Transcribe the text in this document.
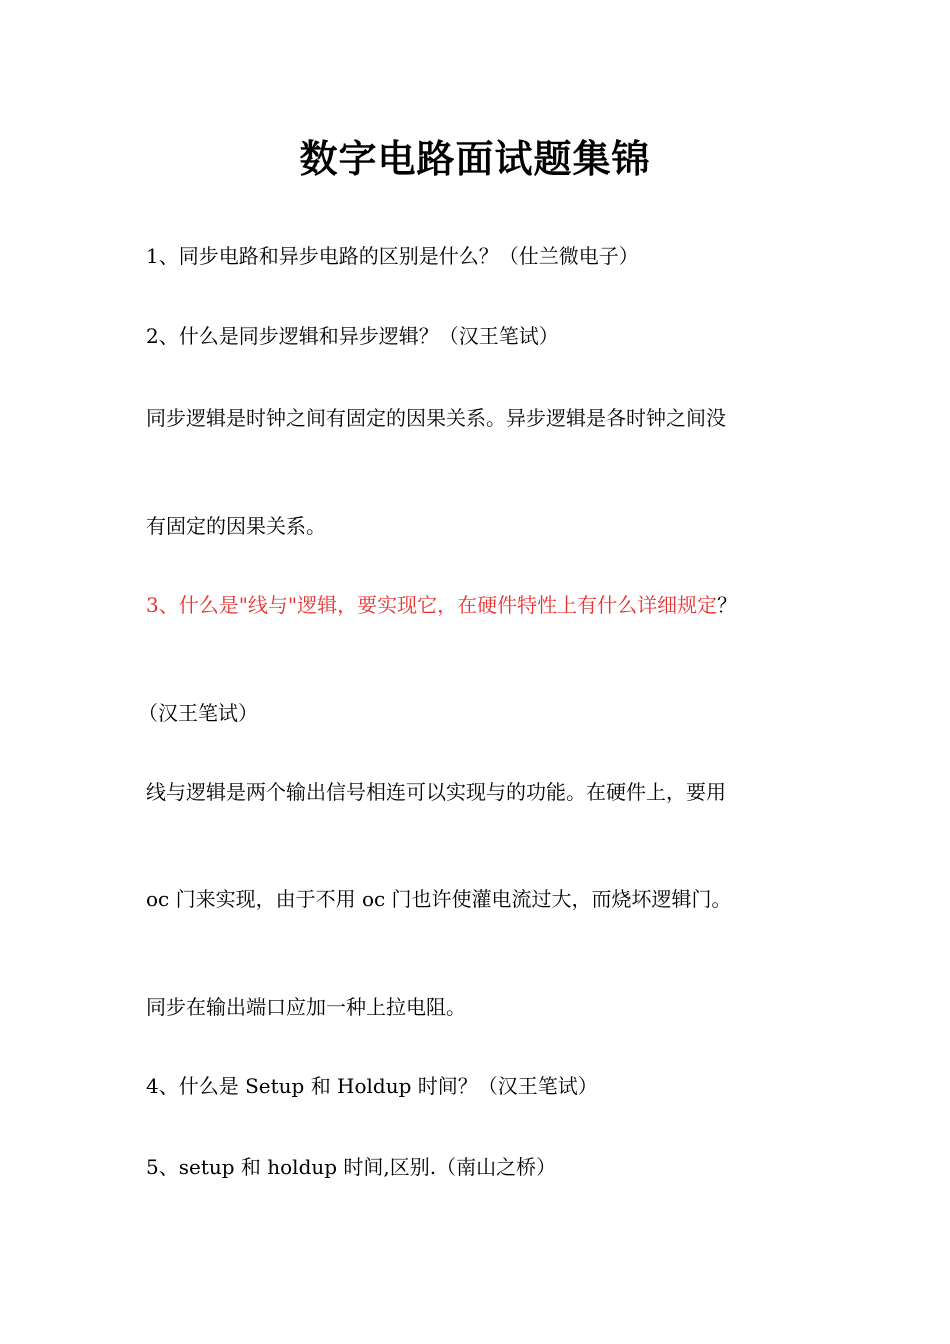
数字电路面试题集锦
1、同步电路和异步电路的区别是什么？（仕兰微电子）
2、什么是同步逻辑和异步逻辑？（汉王笔试）
同步逻辑是时钟之间有固定的因果关系。异步逻辑是各时钟之间没
有固定的因果关系。
3、什么是"线与"逻辑，要实现它，在硬件特性上有什么详细规定？
（汉王笔试）
线与逻辑是两个输出信号相连可以实现与的功能。在硬件上，要用
oc 门来实现，由于不用 oc 门也许使灌电流过大，而烧坏逻辑门。
同步在输出端口应加一种上拉电阻。
4、什么是 Setup 和 Holdup 时间？（汉王笔试）
5、setup 和 holdup 时间,区别.（南山之桥）
